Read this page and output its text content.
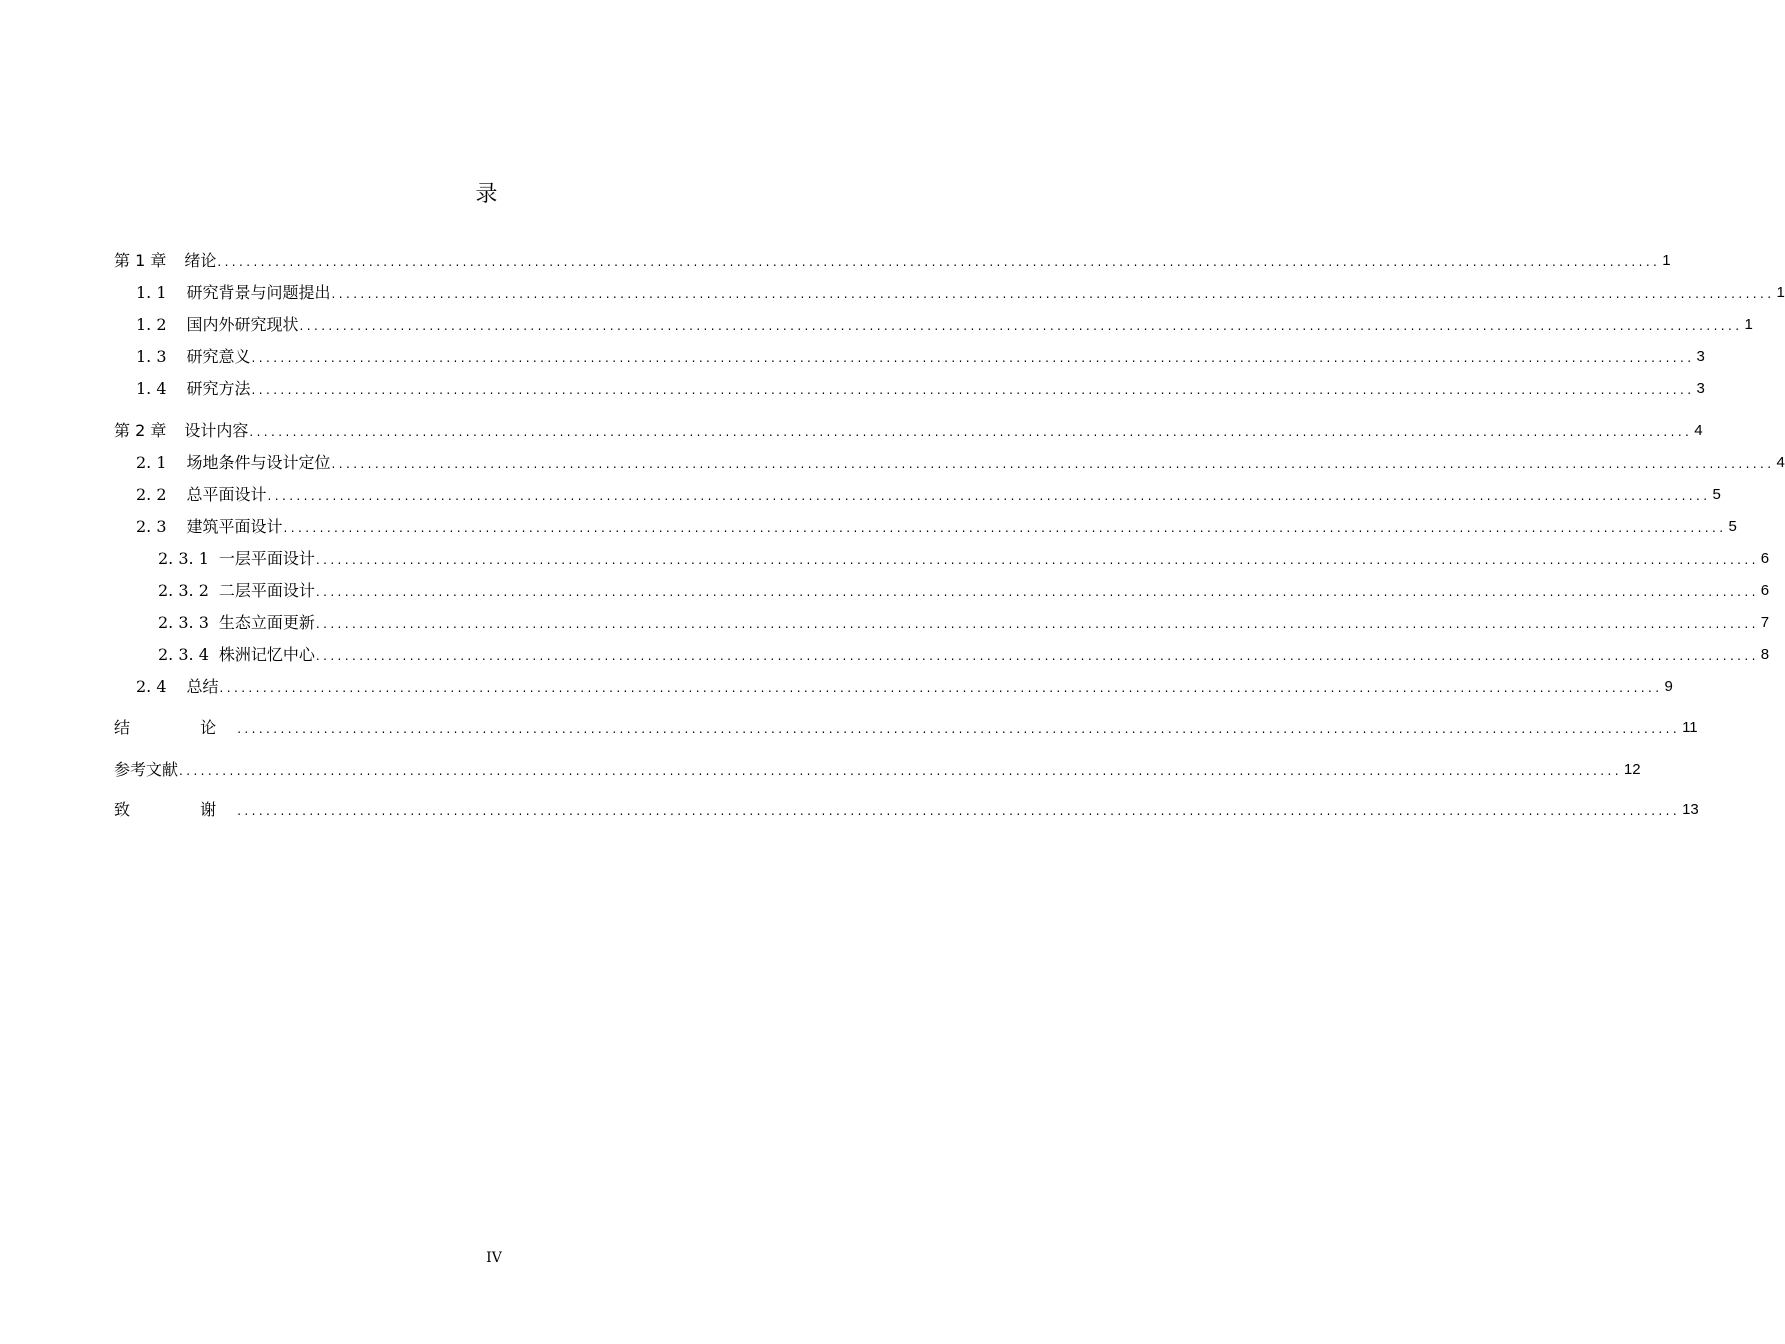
录
第 1 章 绪论 ........................................................................................................................................................................................................ 1
1. 1 研究背景与问题提出 ........................................................................................................................................................................................................ 1
1. 2 国内外研究现状 ........................................................................................................................................................................................................ 1
1. 3 研究意义 ........................................................................................................................................................................................................ 3
1. 4 研究方法 ........................................................................................................................................................................................................ 3
第 2 章 设计内容 ........................................................................................................................................................................................................ 4
2. 1 场地条件与设计定位 ........................................................................................................................................................................................................ 4
2. 2 总平面设计 ........................................................................................................................................................................................................ 5
2. 3 建筑平面设计 ........................................................................................................................................................................................................ 5
2. 3. 1 一层平面设计 ........................................................................................................................................................................................................ 6
2. 3. 2 二层平面设计 ........................................................................................................................................................................................................ 6
2. 3. 3 生态立面更新 ........................................................................................................................................................................................................ 7
2. 3. 4 株洲记忆中心 ........................................................................................................................................................................................................ 8
2. 4 总结 ........................................................................................................................................................................................................ 9
结  论 ........................................................................................................................................................................................................ 11
参考文献 ........................................................................................................................................................................................................ 12
致  谢 ........................................................................................................................................................................................................ 13
IV
